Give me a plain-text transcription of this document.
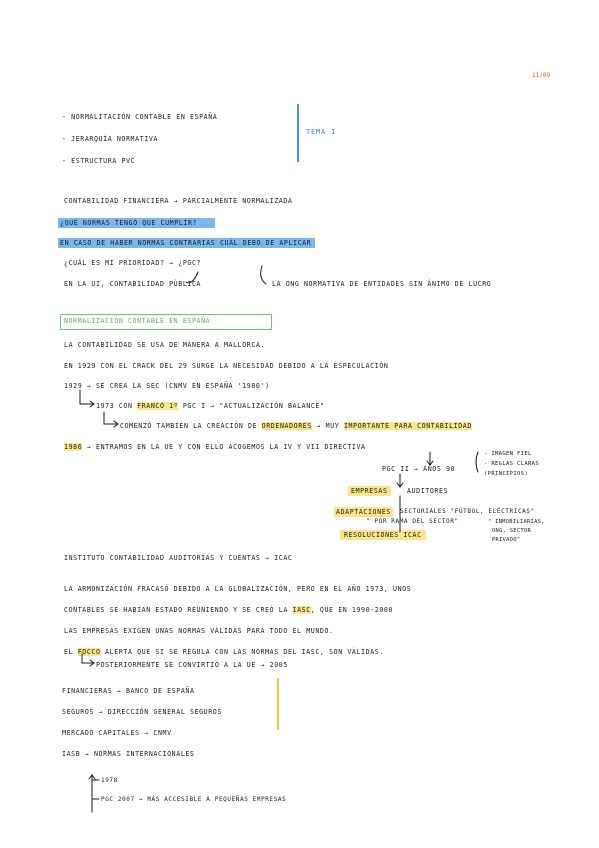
11/09
- NORMALITACIÓN CONTABLE EN ESPAÑA
- JERARQUÍA NORMATIVA
- ESTRUCTURA PVC
TEMA 1
CONTABILIDAD FINANCIERA → PARCIALMENTE NORMALIZADA
¿QUÉ NORMAS TENGO QUE CUMPLIR?
EN CASO DE HABER NORMAS CONTRARIAS CUÁL DEBO DE APLICAR
¿CUÁL ES MI PRIORIDAD? → ¿PGC?
EN LA UI, CONTABILIDAD PÚBLICA	LA ONG NORMATIVA DE ENTIDADES SIN ÁNIMO DE LUCRO
NORMALIZACIÓN CONTABLE EN ESPAÑA
LA CONTABILIDAD SE USA DE MANERA A MALLORCA.
EN 1929 CON EL CRACK DEL 29 SURGE LA NECESIDAD DEBIDO A LA ESPECULACIÓN
1929 → SE CREA LA SEC (CNMV EN ESPAÑA '1980')
1973 CON FRANCO 1º PGC I → "ACTUALIZACIÓN BALANCE"
COMENZÓ TAMBIÉN LA CREACIÓN DE ORDENADORES → MUY IMPORTANTE PARA CONTABILIDAD
1986 → ENTRAMOS EN LA UE Y CON ELLO ACOGEMOS LA IV Y VII DIRECTIVA
PGC II → AÑOS 90
- IMAGEN FIEL
- REGLAS CLARAS
(PRINCIPIOS)
EMPRESAS	AUDITORES
ADAPTACIONES	SECTORIALES "FÚTBOL, ELÉCTRICAS"
" POR RAMA DEL SECTOR"	" INMOBILIARIAS,
ONG, SECTOR
PRIVADO"
RESOLUCIONES ICAC
INSTITUTO CONTABILIDAD AUDITORÍAS Y CUENTAS → ICAC
LA ARMONIZACIÓN FRACASÓ DEBIDO A LA GLOBALIZACIÓN, PERO EN EL AÑO 1973, UNOS
CONTABLES SE HABÍAN ESTADO REUNIENDO Y SE CREÓ LA IASC, QUE EN 1990-2000
LAS EMPRESAS EXIGEN UNAS NORMAS VÁLIDAS PARA TODO EL MUNDO.
EL FOCCO ALERTA QUE SI SE REGULA CON LAS NORMAS DEL IASC, SON VÁLIDAS.
POSTERIORMENTE SE CONVIRTIÓ A LA UE → 2005
FINANCIERAS → BANCO DE ESPAÑA
SEGUROS → DIRECCIÓN GENERAL SEGUROS
MERCADO CAPITALES → CNMV
IASB → NORMAS INTERNACIONALES
1978
PGC 2007 → MÁS ACCESIBLE A PEQUEÑAS EMPRESAS
